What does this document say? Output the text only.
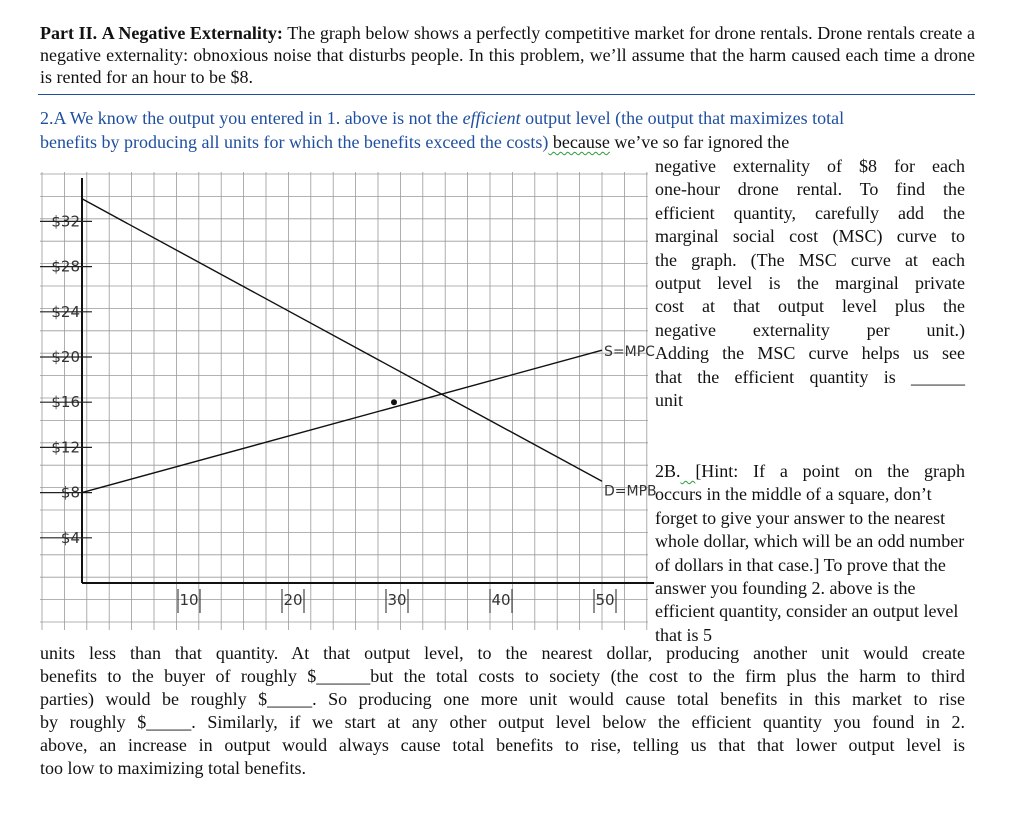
Part II. A Negative Externality: The graph below shows a perfectly competitive market for drone rentals. Drone rentals create a negative externality: obnoxious noise that disturbs people. In this problem, we’ll assume that the harm caused each time a drone is rented for an hour to be $8.
2.A We know the output you entered in 1. above is not the efficient output level (the output that maximizes total
benefits by producing all units for which the benefits exceed the costs) because we’ve so far ignored the
negative externality of $8 for each
one-hour drone rental. To find the
efficient quantity, carefully add the
marginal social cost (MSC) curve to
the graph. (The MSC curve at each
output level is the marginal private
cost at that output level plus the
negative externality per unit.)
Adding the MSC curve helps us see
that the efficient quantity is ______
unit
2B. [Hint: If a point on the graph
occurs in the middle of a square, don’t forget to give your answer to the nearest whole dollar, which will be an odd number of dollars in that case.] To prove that the answer you founding 2. above is the efficient quantity, consider an output level that is 5
units less than that quantity. At that output level, to the nearest dollar, producing another unit would create
benefits to the buyer of roughly $______but the total costs to society (the cost to the firm plus the harm to third
parties) would be roughly $_____. So producing one more unit would cause total benefits in this market to rise
by roughly $_____. Similarly, if we start at any other output level below the efficient quantity you found in 2.
above, an increase in output would always cause total benefits to rise, telling us that that lower output level is
too low to maximizing total benefits.
$32
$28
$24
$20
$16
$12
$8
$4
10	20	30	40	50
D=MPB
S=MPC
